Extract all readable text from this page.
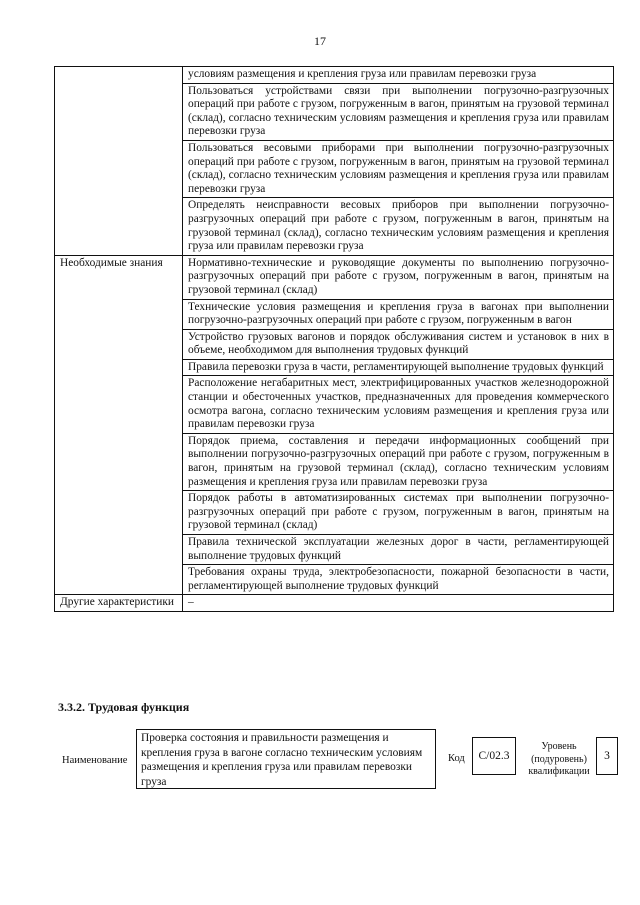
17
	условиям размещения и крепления груза или правилам перевозки груза
	Пользоваться устройствами связи при выполнении погрузочно-разгрузочных операций при работе с грузом, погруженным в вагон, принятым на грузовой терминал (склад), согласно техническим условиям размещения и крепления груза или правилам перевозки груза
	Пользоваться весовыми приборами при выполнении погрузочно-разгрузочных операций при работе с грузом, погруженным в вагон, принятым на грузовой терминал (склад), согласно техническим условиям размещения и крепления груза или правилам перевозки груза
	Определять неисправности весовых приборов при выполнении погрузочно-разгрузочных операций при работе с грузом, погруженным в вагон, принятым на грузовой терминал (склад), согласно техническим условиям размещения и крепления груза или правилам перевозки груза
Необходимые знания	Нормативно-технические и руководящие документы по выполнению погрузочно-разгрузочных операций при работе с грузом, погруженным в вагон, принятым на грузовой терминал (склад)
	Технические условия размещения и крепления груза в вагонах при выполнении погрузочно-разгрузочных операций при работе с грузом, погруженным в вагон
	Устройство грузовых вагонов и порядок обслуживания систем и установок в них в объеме, необходимом для выполнения трудовых функций
	Правила перевозки груза в части, регламентирующей выполнение трудовых функций
	Расположение негабаритных мест, электрифицированных участков железнодорожной станции и обесточенных участков, предназначенных для проведения коммерческого осмотра вагона, согласно техническим условиям размещения и крепления груза или правилам перевозки груза
	Порядок приема, составления и передачи информационных сообщений при выполнении погрузочно-разгрузочных операций при работе с грузом, погруженным в вагон, принятым на грузовой терминал (склад), согласно техническим условиям размещения и крепления груза или правилам перевозки груза
	Порядок работы в автоматизированных системах при выполнении погрузочно-разгрузочных операций при работе с грузом, погруженным в вагон, принятым на грузовой терминал (склад)
	Правила технической эксплуатации железных дорог в части, регламентирующей выполнение трудовых функций
	Требования охраны труда, электробезопасности, пожарной безопасности в части, регламентирующей выполнение трудовых функций
Другие характеристики	–
3.3.2. Трудовая функция
Наименование
Проверка состояния и правильности размещения и крепления груза в вагоне согласно техническим условиям размещения и крепления груза или правилам перевозки груза
Код	С/02.3
Уровень (подуровень) квалификации
3
